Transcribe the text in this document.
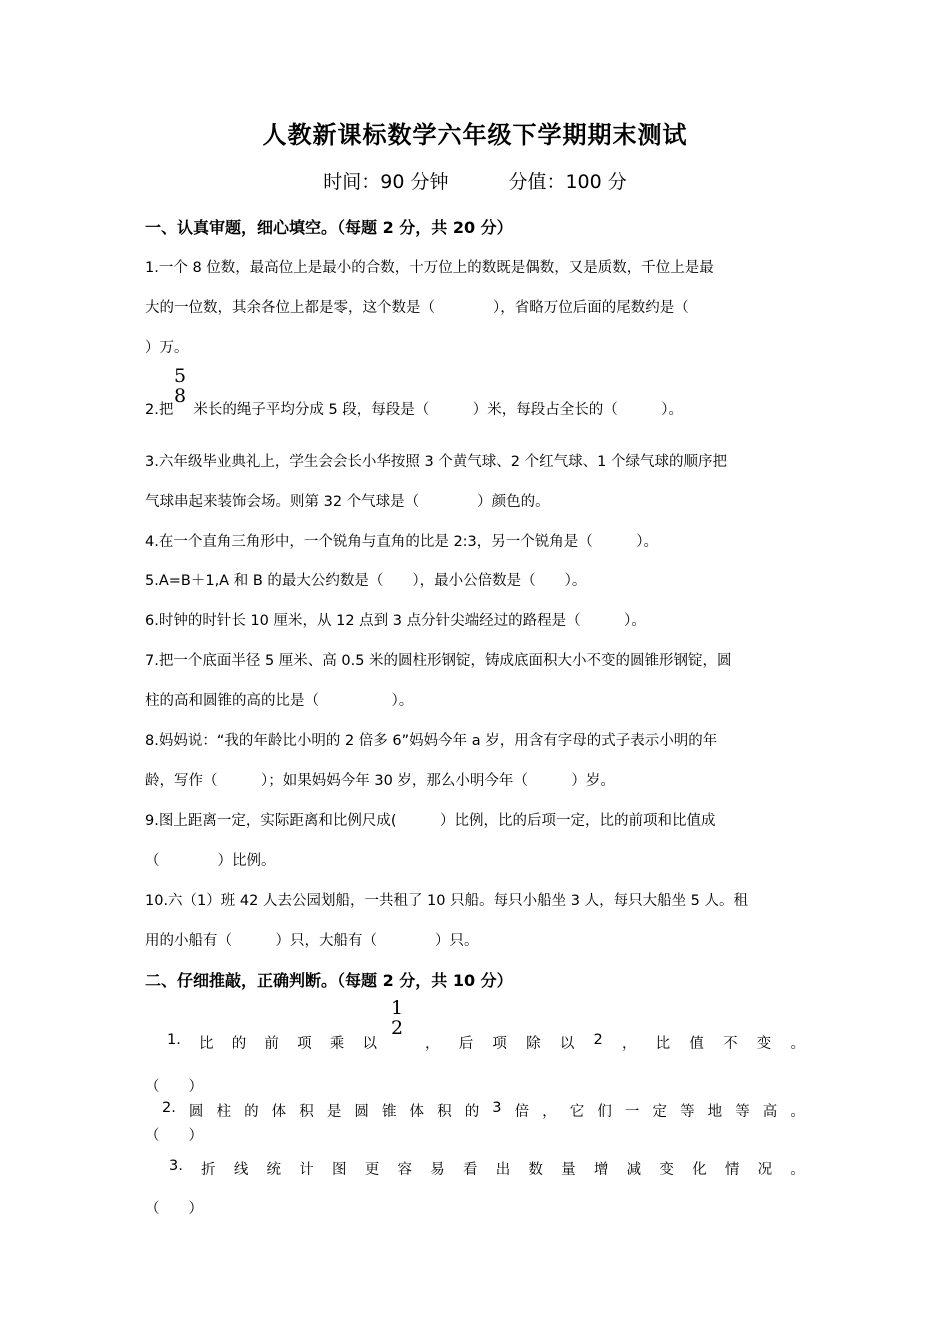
人教新课标数学六年级下学期期末测试
时间：90 分钟	分值：100 分
一、认真审题，细心填空。（每题 2 分，共 20 分）
1.一个 8 位数，最高位上是最小的合数，十万位上的数既是偶数，又是质数，千位上是最
大的一位数，其余各位上都是零，这个数是（　　　　），省略万位后面的尾数约是（
）万。
5
8
2.把 米长的绳子平均分成 5 段，每段是（　　　）米，每段占全长的（　　　）。
3.六年级毕业典礼上，学生会会长小华按照 3 个黄气球、2 个红气球、1 个绿气球的顺序把
气球串起来装饰会场。则第 32 个气球是（　　　　）颜色的。
4.在一个直角三角形中，一个锐角与直角的比是 2:3，另一个锐角是（　　　）。
5.A=B＋1,A 和 B 的最大公约数是（　　），最小公倍数是（　　）。
6.时钟的时针长 10 厘米，从 12 点到 3 点分针尖端经过的路程是（　　　）。
7.把一个底面半径 5 厘米、高 0.5 米的圆柱形钢锭，铸成底面积大小不变的圆锥形钢锭，圆
柱的高和圆锥的高的比是（　　　　　）。
8.妈妈说：“我的年龄比小明的 2 倍多 6”妈妈今年 a 岁，用含有字母的式子表示小明的年
龄，写作（　　　）；如果妈妈今年 30 岁，那么小明今年（　　　）岁。
9.图上距离一定，实际距离和比例尺成(　　　）比例，比的后项一定，比的前项和比值成
（　　　　）比例。
10.六（1）班 42 人去公园划船，一共租了 10 只船。每只小船坐 3 人，每只大船坐 5 人。租
用的小船有（　　　）只，大船有（　　　　）只。
二、仔细推敲，正确判断。（每题 2 分，共 10 分）
1
2
1. 比 的 前 项 乘 以	， 后 项 除 以 2 ， 比 值 不 变 。
（　　）
2. 圆 柱 的 体 积 是 圆 锥 体 积 的 3 倍 ， 它 们 一 定 等 地 等 高 。
（　　）
3. 折 线 统 计 图 更 容 易 看 出 数 量 增 减 变 化 情 况 。
（　　）
